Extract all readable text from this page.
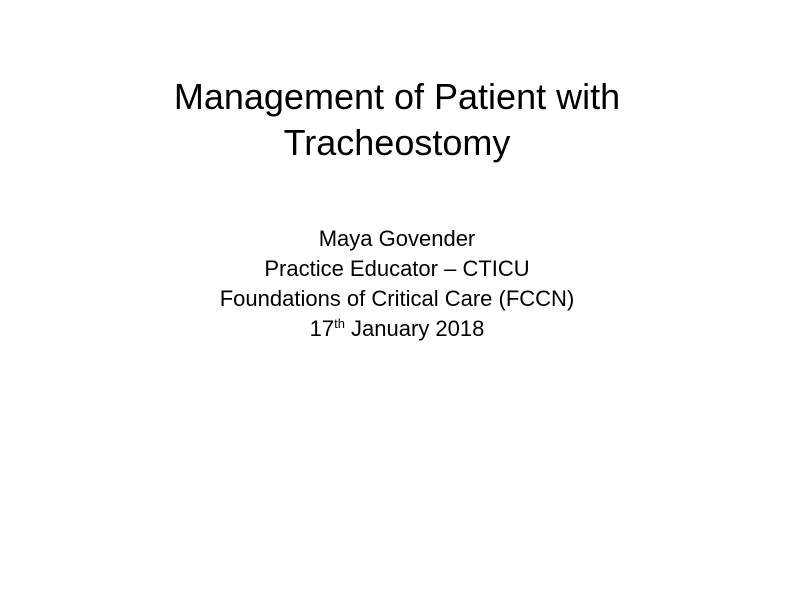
Management of Patient with
Tracheostomy
Maya Govender
Practice Educator – CTICU
Foundations of Critical Care (FCCN)
17th January 2018
